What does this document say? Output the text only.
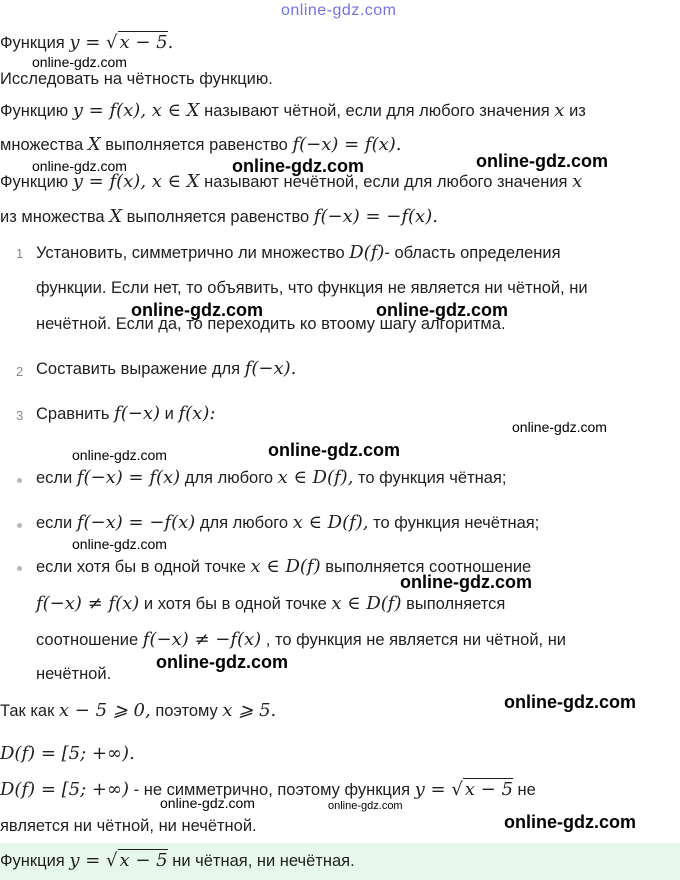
online-gdz.com
Функция y = √ x − 5.
online-gdz.com
Исследовать на чётность функцию.
Функцию y = f(x), x ∈ X называют чётной, если для любого значения x из
множества X выполняется равенство f(−x) = f(x).
online-gdz.com	online-gdz.com	online-gdz.com
Функцию y = f(x), x ∈ X называют нечётной, если для любого значения x
из множества X выполняется равенство f(−x) = −f(x).
1 Установить, симметрично ли множество D(f)- область определения
функции. Если нет, то объявить, что функция не является ни чётной, ни
online-gdz.com	online-gdz.com
нечётной. Если да, то переходить ко втоому шагу алгоритма.
2 Составить выражение для f(−x).
3 Сравнить f(−x) и f(x):
online-gdz.com
online-gdz.com	online-gdz.com
если f(−x) = f(x) для любого x ∈ D(f), то функция чётная;
если f(−x) = −f(x) для любого x ∈ D(f), то функция нечётная;
online-gdz.com
если хотя бы в одной точке x ∈ D(f) выполняется соотношение
online-gdz.com
f(−x) ≠ f(x) и хотя бы в одной точке x ∈ D(f) выполняется
соотношение f(−x) ≠ −f(x) , то функция не является ни чётной, ни
online-gdz.com
нечётной.
Так как x − 5 ⩾ 0, поэтому x ⩾ 5.	online-gdz.com
D(f) = [5; +∞).
D(f) = [5; +∞) - не симметрично, поэтому функция y = √ x − 5 не
online-gdz.com	online-gdz.com
является ни чётной, ни нечётной.	online-gdz.com
Функция y = √ x − 5 ни чётная, ни нечётная.
